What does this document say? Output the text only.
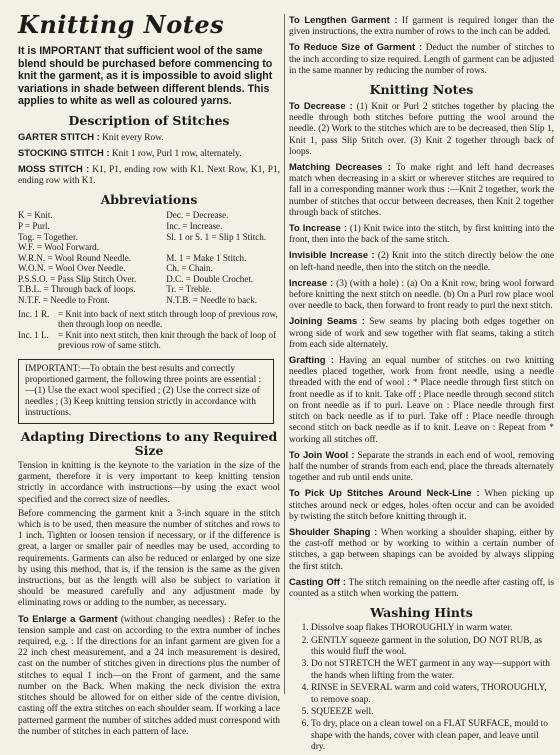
Knitting Notes
It is IMPORTANT that sufficient wool of the same blend should be purchased before commencing to knit the garment, as it is impossible to avoid slight variations in shade between different blends. This applies to white as well as coloured yarns.
Description of Stitches
GARTER STITCH : Knit every Row.
STOCKING STITCH : Knit 1 row, Purl 1 row, alternately.
MOSS STITCH : K1, P1, ending row with K1. Next Row, K1, P1, ending row with K1.
Abbreviations
K = Knit.	Dec. = Decrease.
P = Purl.	Inc. = Increase.
Tog. = Together.	Sl. 1 or S. 1 = Slip 1 Stitch.
W.F. = Wool Forward.
W.R.N. = Wool Round Needle.	M. 1 = Make 1 Stitch.
W.O.N. = Wool Over Needle.	Ch. = Chain.
P.S.S.O. = Pass Slip Stitch Over.	D.C. = Double Crochet.
T.B.L. = Through back of loops.	Tr. = Treble.
N.T.F. = Needle to Front.	N.T.B. = Needle to back.
Inc. 1 R. = Knit into back of next stitch through loop of previous row, then through loop on needle.
Inc. 1 L.	= Knit into next stitch, then knit through the back of loop of previous row of same stitch.
IMPORTANT:—To obtain the best results and correctly proportioned garment, the following three points are essential :—(1) Use the exact wool specified ; (2) Use the correct size of needles ; (3) Keep knitting tension strictly in accordance with instructions.
Adapting Directions to any Required Size
Tension in knitting is the keynote to the variation in the size of the garment, therefore it is very important to keep knitting tension strictly in accordance with instructions—by using the exact wool specified and the correct size of needles.
Before commencing the garment knit a 3-inch square in the stitch which is to be used, then measure the number of stitches and rows to 1 inch. Tighten or loosen tension if necessary, or if the difference is great, a larger or smaller pair of needles may be used, according to requirements. Garments can also be reduced or enlarged by one size by using this method, that is, if the tension is the same as the given instructions, but as the length will also be subject to variation it should be measured carefully and any adjustment made by eliminating rows or adding to the number, as necessary.
To Enlarge a Garment (without changing needles) : Refer to the tension sample and cast on according to the extra number of inches required, e.g. : If the directions for an infant garment are given for a 22 inch chest measurement, and a 24 inch measurement is desired, cast on the number of stitches given in directions plus the number of stitches to equal 1 inch—on the Front of garment, and the same number on the Back. When making the neck division the extra stitches should be allowed for on either side of the centre division, casting off the extra stitches on each shoulder seam. If working a lace patterned garment the number of stitches added must correspond with the number of stitches in each pattern of lace.
To Lengthen Garment : If garment is required longer than the given instructions, the extra number of rows to the inch can be added.
To Reduce Size of Garment : Deduct the number of stitches to the inch according to size required. Length of garment can be adjusted in the same manner by reducing the number of rows.
Knitting Notes
To Decrease : (1) Knit or Purl 2 stitches together by placing the needle through both stitches before putting the wool around the needle. (2) Work to the stitches which are to be decreased, then Slip 1, Knit 1, pass Slip Stitch over. (3) Knit 2 together through back of loops.
Matching Decreases : To make right and left hand decreases match when decreasing in a skirt or wherever stitches are required to fall in a corresponding manner work thus :—Knit 2 together, work the number of stitches that occur between decreases, then Knit 2 together through back of stitches.
To Increase : (1) Knit twice into the stitch, by first knitting into the front, then into the back of the same stitch.
Invisible Increase : (2) Knit into the stitch directly below the one on left-hand needle, then into the stitch on the needle.
Increase : (3) (with a hole) : (a) On a Knit row, bring wool forward before knitting the next stitch on needle. (b) On a Purl row place wool over needle to back, then forward to front ready to purl the next stitch.
Joining Seams : Sew seams by placing both edges together on wrong side of work and sew together with flat seams, taking a stitch from each side alternately.
Grafting : Having an equal number of stitches on two knitting needles placed together, work from front needle, using a needle threaded with the end of wool : * Place needle through first stitch on front needle as if to knit. Take off : Place needle through second stitch on front needle as if to purl. Leave on : Place needle through first stitch on back needle as if to purl. Take off : Place needle through second stitch on back needle as if to knit. Leave on : Repeat from * working all stitches off.
To Join Wool : Separate the strands in each end of wool, removing half the number of strands from each end, place the threads alternately together and rub until ends unite.
To Pick Up Stitches Around Neck-Line : When picking up stitches around neck or edges, holes often occur and can be avoided by twisting the stitch before knitting through it.
Shoulder Shaping : When working a shoulder shaping, either by the cast-off method or by working to within a certain number of stitches, a gap between shapings can be avoided by always slipping the first stitch.
Casting Off : The stitch remaining on the needle after casting off, is counted as a stitch when working the pattern.
Washing Hints
1. Dissolve soap flakes THOROUGHLY in warm water.
2. GENTLY squeeze garment in the solution, DO NOT RUB, as this would fluff the wool.
3. Do not STRETCH the WET garment in any way—support with the hands when lifting from the water.
4. RINSE in SEVERAL warm and cold waters, THOROUGHLY, to remove soap.
5. SQUEEZE well.
6. To dry, place on a clean towel on a FLAT SURFACE, mould to shape with the hands, cover with clean paper, and leave until dry.
